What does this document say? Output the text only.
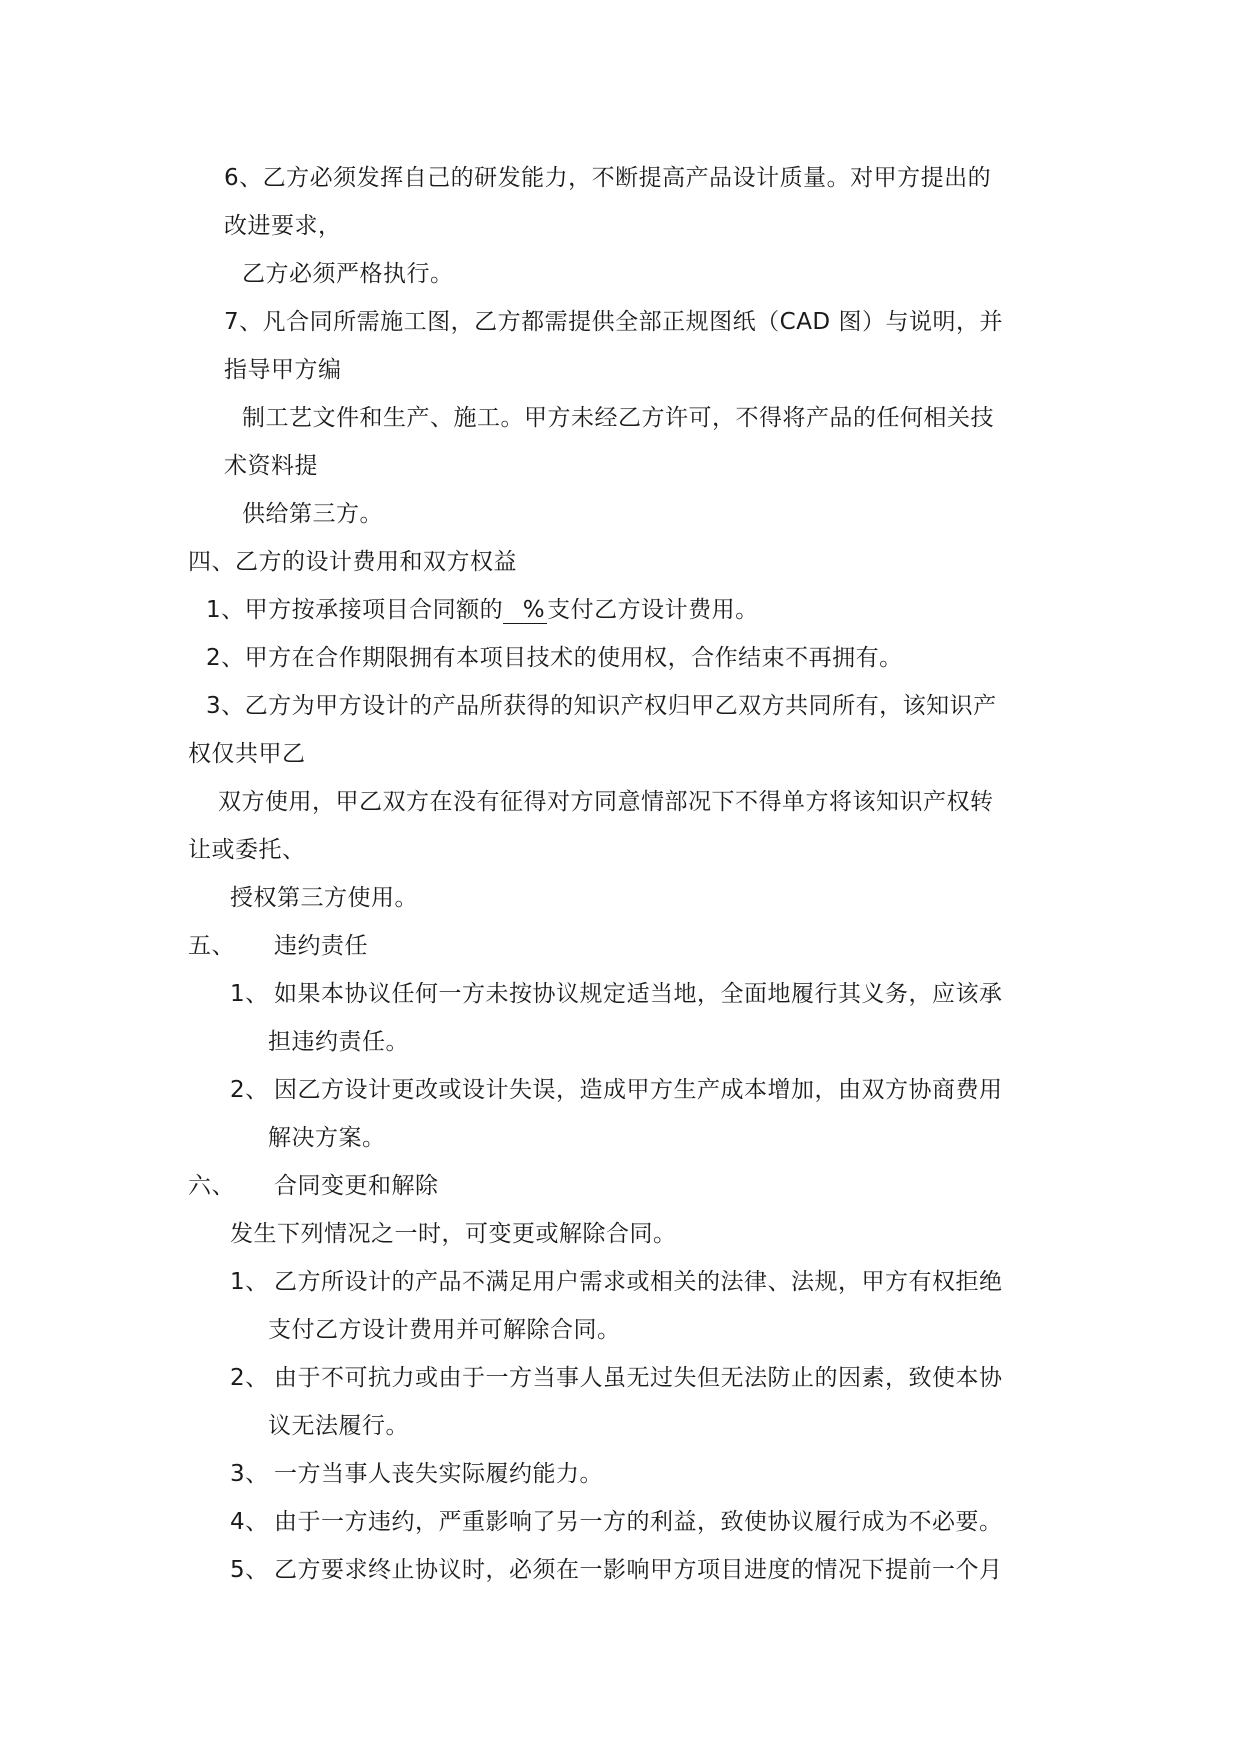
6、乙方必须发挥自己的研发能力，不断提高产品设计质量。对甲方提出的
改进要求，
乙方必须严格执行。
7、凡合同所需施工图，乙方都需提供全部正规图纸（CAD 图）与说明，并
指导甲方编
制工艺文件和生产、施工。甲方未经乙方许可，不得将产品的任何相关技
术资料提
供给第三方。
四、乙方的设计费用和双方权益
1、甲方按承接项目合同额的 %支付乙方设计费用。
2、甲方在合作期限拥有本项目技术的使用权，合作结束不再拥有。
3、乙方为甲方设计的产品所获得的知识产权归甲乙双方共同所有，该知识产
权仅共甲乙
双方使用，甲乙双方在没有征得对方同意情部况下不得单方将该知识产权转
让或委托、
授权第三方使用。
五、 违约责任
1、 如果本协议任何一方未按协议规定适当地，全面地履行其义务，应该承
担违约责任。
2、 因乙方设计更改或设计失误，造成甲方生产成本增加，由双方协商费用
解决方案。
六、 合同变更和解除
发生下列情况之一时，可变更或解除合同。
1、 乙方所设计的产品不满足用户需求或相关的法律、法规，甲方有权拒绝
支付乙方设计费用并可解除合同。
2、 由于不可抗力或由于一方当事人虽无过失但无法防止的因素，致使本协
议无法履行。
3、 一方当事人丧失实际履约能力。
4、 由于一方违约，严重影响了另一方的利益，致使协议履行成为不必要。
5、 乙方要求终止协议时，必须在一影响甲方项目进度的情况下提前一个月
